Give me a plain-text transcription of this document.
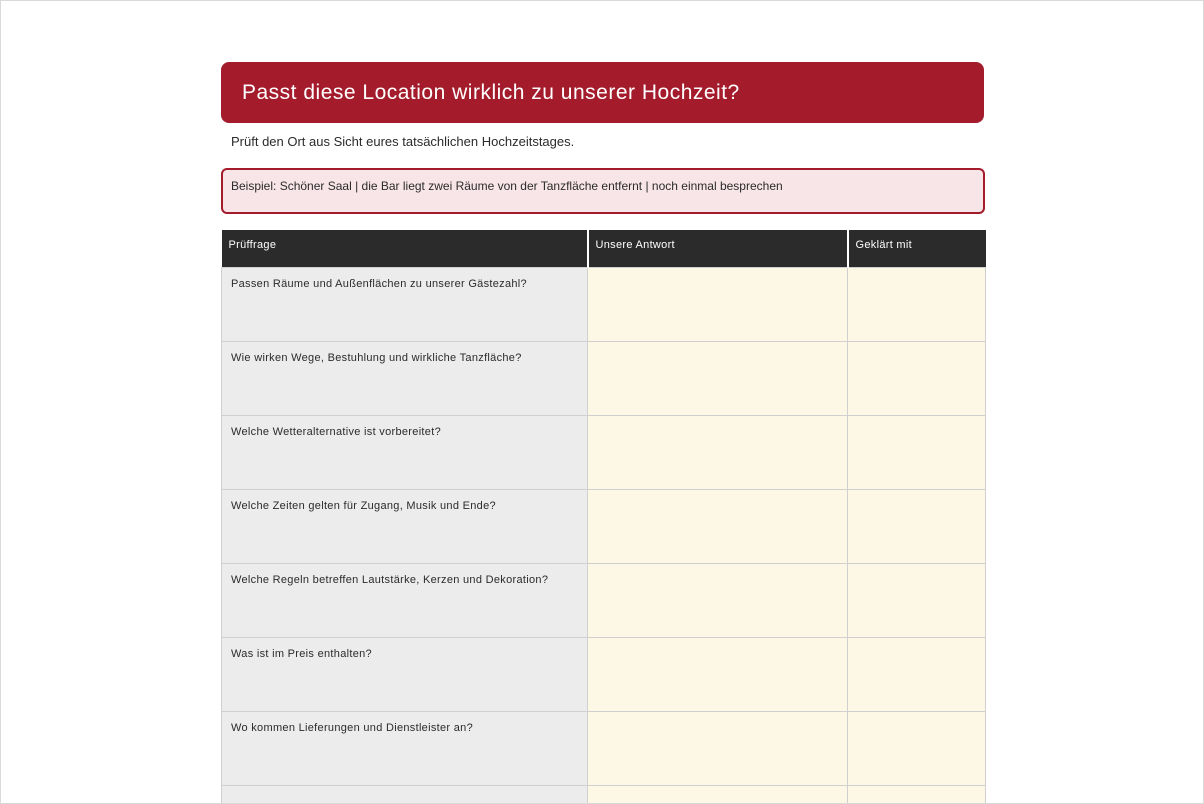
Passt diese Location wirklich zu unserer Hochzeit?
Prüft den Ort aus Sicht eures tatsächlichen Hochzeitstages.
Beispiel: Schöner Saal | die Bar liegt zwei Räume von der Tanzfläche entfernt | noch einmal besprechen
Prüffrage	Unsere Antwort	Geklärt mit
Passen Räume und Außenflächen zu unserer Gästezahl?		
Wie wirken Wege, Bestuhlung und wirkliche Tanzfläche?		
Welche Wetteralternative ist vorbereitet?		
Welche Zeiten gelten für Zugang, Musik und Ende?		
Welche Regeln betreffen Lautstärke, Kerzen und Dekoration?		
Was ist im Preis enthalten?		
Wo kommen Lieferungen und Dienstleister an?		
